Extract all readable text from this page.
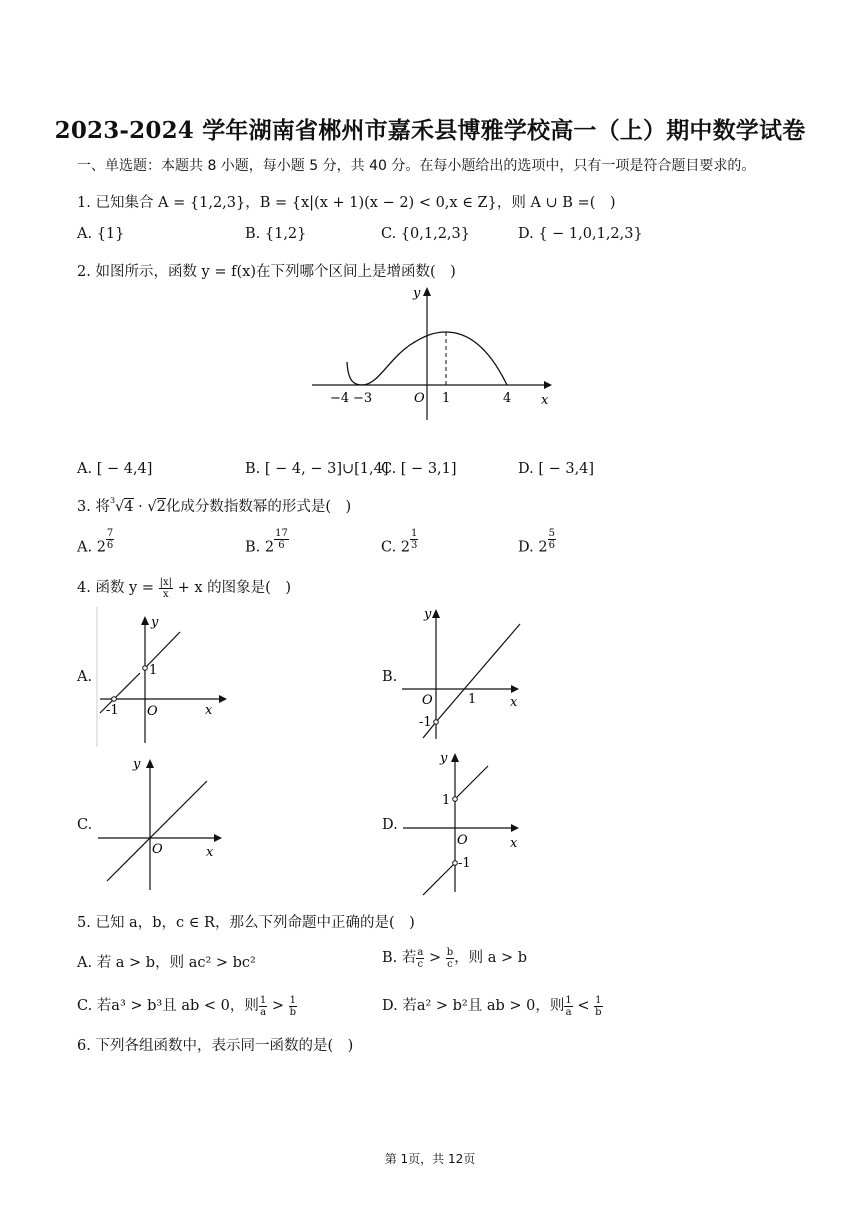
2023-2024 学年湖南省郴州市嘉禾县博雅学校高一（上）期中数学试卷
一、单选题：本题共 8 小题，每小题 5 分，共 40 分。在每小题给出的选项中，只有一项是符合题目要求的。
1. 已知集合 A = {1,2,3}，B = {x|(x + 1)(x − 2) < 0,x ∈ Z}，则 A ∪ B =(　)
A. {1}	B. {1,2}	C. {0,1,2,3}	D. { − 1,0,1,2,3}
2. 如图所示，函数 y = f(x)在下列哪个区间上是增函数(　)
y
x
O
−4 −3	1	4
A. [ − 4,4]	B. [ − 4, − 3]∪[1,4]
C. [ − 3,1]	D. [ − 3,4]
3. 将$^3$√4 · √2化成分数指数幂的形式是(　)
A. $2 \frac{7}{6}$	B. $2 \frac{17}{6}$	C. $2 \frac{1}{3}$	D. $2 \frac{5}{6}$
4. 函数 $y = \frac{|x|}{x} + x$ 的图象是(　)
A.
y
x
O
1
-1
B.
y
x
O	1
-1
C.
y
x
O
D.
y
x
O
1
-1
5. 已知 a，b，c ∈ R，那么下列命题中正确的是(　)
A. 若 a > b，则 ac² > bc²	B. 若 $\frac{a}{c} > \frac{b}{c}$ ，则 a > b
C. 若a³ > b³且 ab < 0，则 $\frac{1}{a} > \frac{1}{b}$	D. 若a² > b²且 ab > 0，则 $\frac{1}{a} < \frac{1}{b}$
6. 下列各组函数中，表示同一函数的是(　)
第 1页，共 12页
